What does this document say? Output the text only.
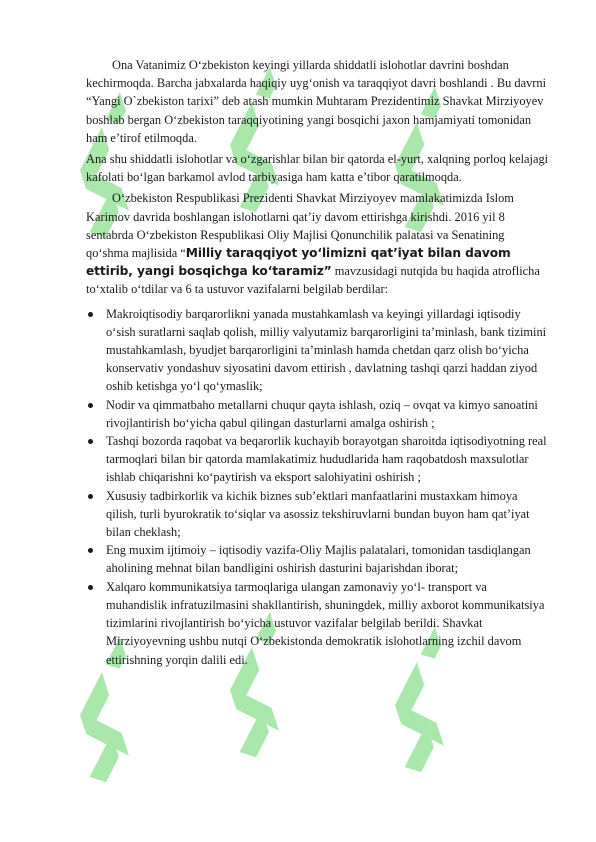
Ona Vatanimiz O‘zbekiston keyingi yillarda shiddatli islohotlar davrini boshdan kechirmoqda. Barcha jabxalarda haqiqiy uyg‘onish va taraqqiyot davri boshlandi . Bu davrni “Yangi O`zbekiston tarixi” deb atash mumkin Muhtaram Prezidentimiz Shavkat Mirziyoyev boshlab bergan O‘zbekiston taraqqiyotining yangi bosqichi jaxon hamjamiyati tomonidan ham e’tirof etilmoqda.

Ana shu shiddatli islohotlar va o‘zgarishlar bilan bir qatorda el-yurt, xalqning porloq kelajagi kafolati bo‘lgan barkamol avlod tarbiyasiga ham katta e’tibor qaratilmoqda.

O‘zbekiston Respublikasi Prezidenti Shavkat Mirziyoyev mamlakatimizda Islom Karimov davrida boshlangan islohotlarni qat’iy davom ettirishga kirishdi. 2016 yil 8 sentabrda O‘zbekiston Respublikasi Oliy Majlisi Qonunchilik palatasi va Senatining qo‘shma majlisida “Milliy taraqqiyot yo‘limizni qat’iyat bilan davom ettirib, yangi bosqichga ko‘taramiz” mavzusidagi nutqida bu haqida atroflicha to‘xtalib o‘tdilar va 6 ta ustuvor vazifalarni belgilab berdilar:

Makroiqtisodiy barqarorlikni yanada mustahkamlash va keyingi yillardagi iqtisodiy o‘sish suratlarni saqlab qolish, milliy valyutamiz barqarorligini ta’minlash, bank tizimini mustahkamlash, byudjet barqarorligini ta’minlash hamda chetdan qarz olish bo‘yicha konservativ yondashuv siyosatini davom ettirish , davlatning tashqi qarzi haddan ziyod oshib ketishga yo‘l qo‘ymaslik;
Nodir va qimmatbaho metallarni chuqur qayta ishlash, oziq – ovqat va kimyo sanoatini rivojlantirish bo‘yicha qabul qilingan dasturlarni amalga oshirish ;
Tashqi bozorda raqobat va beqarorlik kuchayib borayotgan sharoitda iqtisodiyotning real tarmoqlari bilan bir qatorda mamlakatimiz hududlarida ham raqobatdosh maxsulotlar ishlab chiqarishni ko‘paytirish va eksport salohiyatini oshirish ;
Xususiy tadbirkorlik va kichik biznes sub’ektlari manfaatlarini mustaxkam himoya qilish, turli byurokratik to‘siqlar va asossiz tekshiruvlarni bundan buyon ham qat’iyat bilan cheklash;
Eng muxim ijtimoiy – iqtisodiy vazifa-Oliy Majlis palatalari, tomonidan tasdiqlangan aholining mehnat bilan bandligini oshirish dasturini bajarishdan iborat;
Xalqaro kommunikatsiya tarmoqlariga ulangan zamonaviy yo‘l- transport va muhandislik infratuzilmasini shakllantirish, shuningdek, milliy axborot kommunikatsiya tizimlarini rivojlantirish bo‘yicha ustuvor vazifalar belgilab berildi. Shavkat Mirziyoyevning ushbu nutqi O‘zbekistonda demokratik islohotlarning izchil davom ettirishning yorqin dalili edi.
